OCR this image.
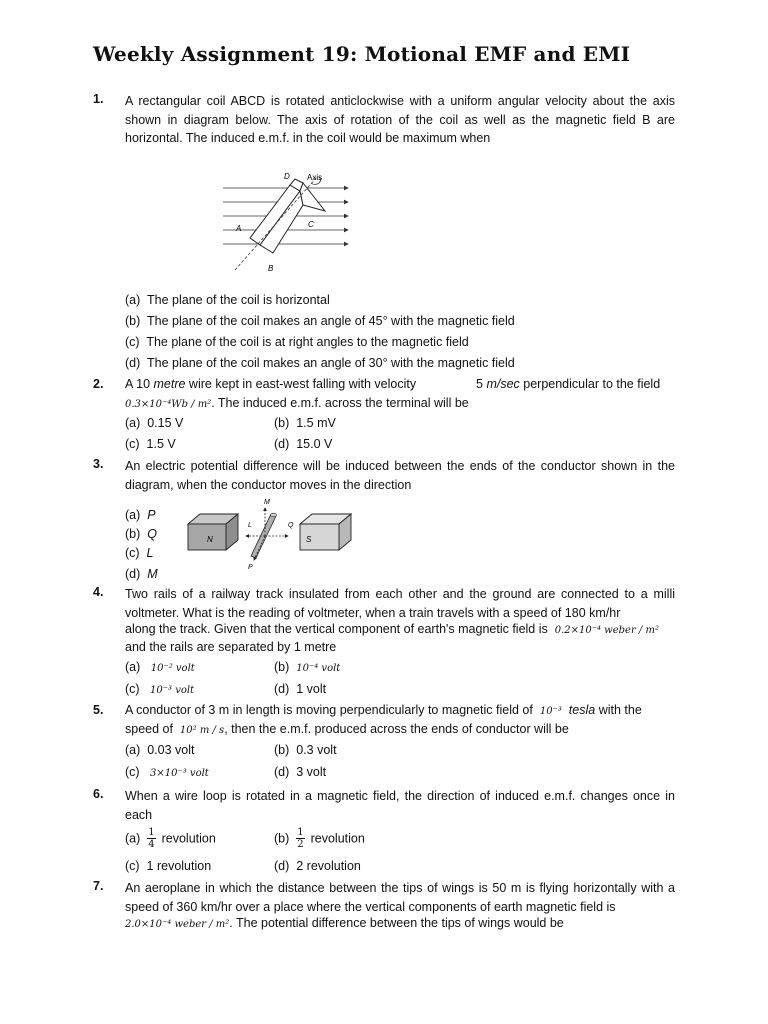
Weekly Assignment 19: Motional EMF and EMI
1. A rectangular coil ABCD is rotated anticlockwise with a uniform angular velocity about the axis shown in diagram below. The axis of rotation of the coil as well as the magnetic field B are horizontal. The induced e.m.f. in the coil would be maximum when
D Axis
A	C
B
(a) The plane of the coil is horizontal
(b) The plane of the coil makes an angle of 45° with the magnetic field
(c) The plane of the coil is at right angles to the magnetic field
(d) The plane of the coil makes an angle of 30° with the magnetic field
2. A 10 metre wire kept in east-west falling with velocity	5 m/sec perpendicular to the field
0.3×10⁻⁴Wb / m². The induced e.m.f. across the terminal will be
(a) 0.15 V	(b) 1.5 mV
(c) 1.5 V	(d) 15.0 V
3. An electric potential difference will be induced between the ends of the conductor shown in the diagram, when the conductor moves in the direction
(a) P
(b) Q
(c) L
(d) M
N	S
M
L	Q
P
4. Two rails of a railway track insulated from each other and the ground are connected to a milli voltmeter. What is the reading of voltmeter, when a train travels with a speed of 180 km/hr
along the track. Given that the vertical component of earth's magnetic field is 0.2×10⁻⁴ weber / m²
and the rails are separated by 1 metre
(a) 10⁻² volt	(b) 10⁻⁴ volt
(c) 10⁻³ volt	(d) 1 volt
5. A conductor of 3 m in length is moving perpendicularly to magnetic field of 10⁻³ tesla with the
speed of 10² m / s, then the e.m.f. produced across the ends of conductor will be
(a) 0.03 volt	(b) 0.3 volt
(c) 3×10⁻³ volt	(d) 3 volt
6. When a wire loop is rotated in a magnetic field, the direction of induced e.m.f. changes once in each
$(a) \frac{1}{4}$ revolution	$(b) \frac{1}{2}$ revolution
(c) 1 revolution	(d) 2 revolution
7. An aeroplane in which the distance between the tips of wings is 50 m is flying horizontally with a speed of 360 km/hr over a place where the vertical components of earth magnetic field is
2.0×10⁻⁴ weber / m². The potential difference between the tips of wings would be
